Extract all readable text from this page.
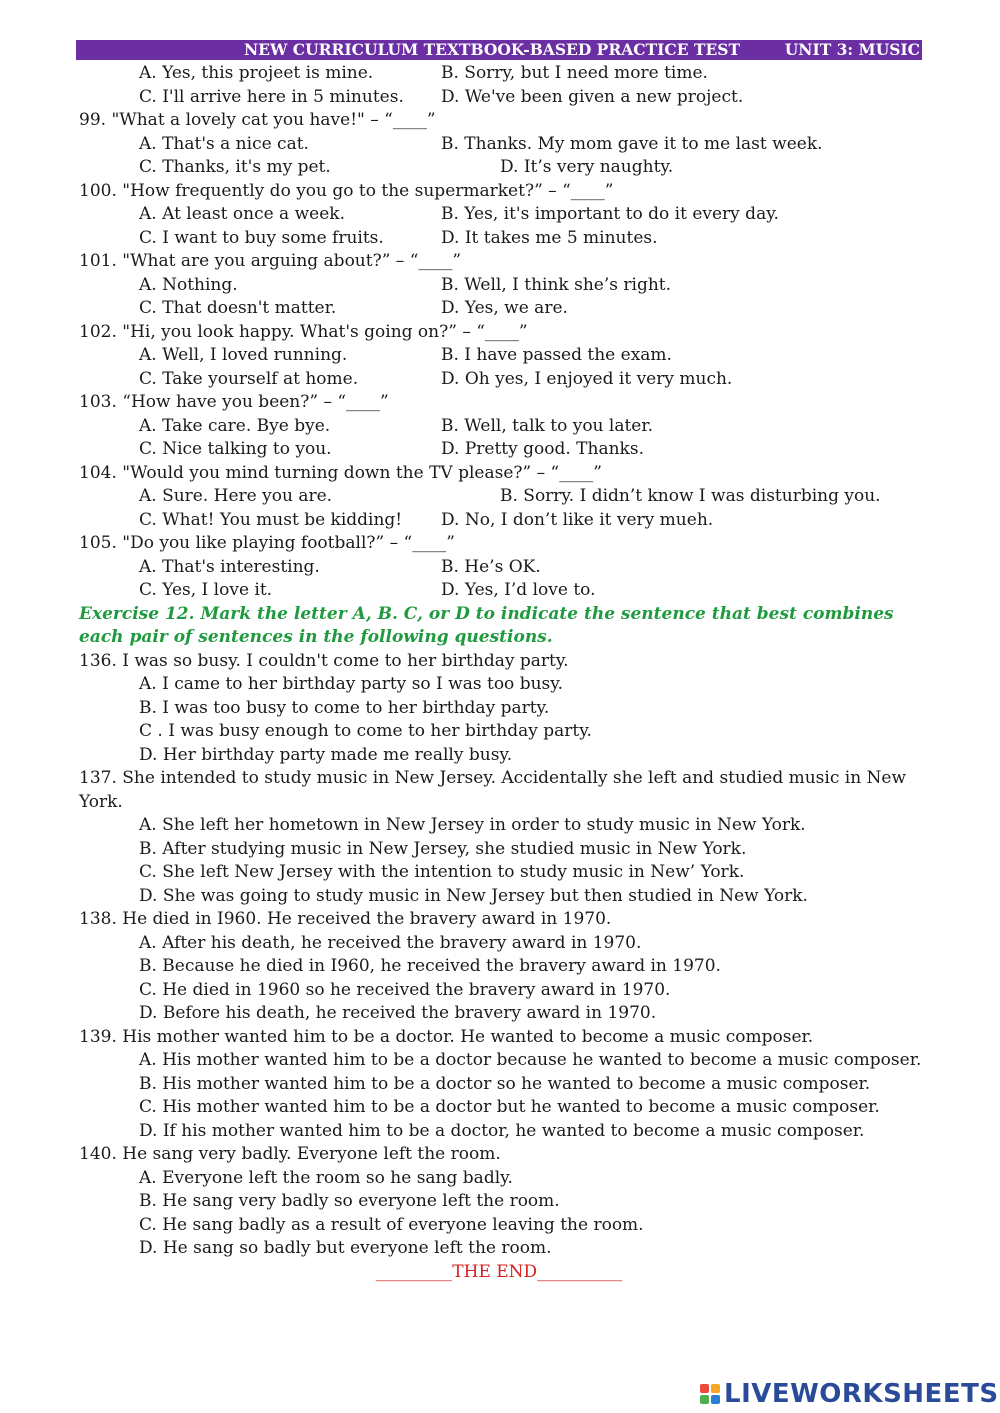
NEW CURRICULUM TEXTBOOK-BASED PRACTICE TEST	UNIT 3: MUSIC
A. Yes, this projeet is mine.	B. Sorry, but I need more time.
C. I'll arrive here in 5 minutes. D. We've been given a new project.
99. "What a lovely cat you have!" – “____”
A. That's a nice cat.	B. Thanks. My mom gave it to me last week.
C. Thanks, it's my pet.	D. It’s very naughty.
100. "How frequently do you go to the supermarket?” – “____”
A. At least once a week.	B. Yes, it's important to do it every day.
C. I want to buy some fruits.	D. It takes me 5 minutes.
101. "What are you arguing about?” – “____”
A. Nothing.	B. Well, I think she’s right.
C. That doesn't matter.	D. Yes, we are.
102. "Hi, you look happy. What's going on?” – “____”
A. Well, I loved running.	B. I have passed the exam.
C. Take yourself at home.	D. Oh yes, I enjoyed it very much.
103. “How have you been?” – “____”
A. Take care. Bye bye.	B. Well, talk to you later.
C. Nice talking to you.	D. Pretty good. Thanks.
104. "Would you mind turning down the TV please?” – “____”
A. Sure. Here you are.	B. Sorry. I didn’t know I was disturbing you.
C. What! You must be kidding! D. No, I don’t like it very mueh.
105. "Do you like playing football?” – “____”
A. That's interesting.	B. He’s OK.
C. Yes, I love it.	D. Yes, I’d love to.
Exercise 12. Mark the letter A, B. C, or D to indicate the sentence that best combines each pair of sentences in the following questions.
136. I was so busy. I couldn't come to her birthday party.
A. I came to her birthday party so I was too busy.
B. I was too busy to come to her birthday party.
C . I was busy enough to come to her birthday party.
D. Her birthday party made me really busy.
137. She intended to study music in New Jersey. Accidentally she left and studied music in New York.
A. She left her hometown in New Jersey in order to study music in New York.
B. After studying music in New Jersey, she studied music in New York.
C. She left New Jersey with the intention to study music in New’ York.
D. She was going to study music in New Jersey but then studied in New York.
138. He died in I960. He received the bravery award in 1970.
A. After his death, he received the bravery award in 1970.
B. Because he died in I960, he received the bravery award in 1970.
C. He died in 1960 so he received the bravery award in 1970.
D. Before his death, he received the bravery award in 1970.
139. His mother wanted him to be a doctor. He wanted to become a music composer.
A. His mother wanted him to be a doctor because he wanted to become a music composer.
B. His mother wanted him to be a doctor so he wanted to become a music composer.
C. His mother wanted him to be a doctor but he wanted to become a music composer.
D. If his mother wanted him to be a doctor, he wanted to become a music composer.
140. He sang very badly. Everyone left the room.
A. Everyone left the room so he sang badly.
B. He sang very badly so everyone left the room.
C. He sang badly as a result of everyone leaving the room.
D. He sang so badly but everyone left the room.
_________THE END__________
LIVEWORKSHEETS
